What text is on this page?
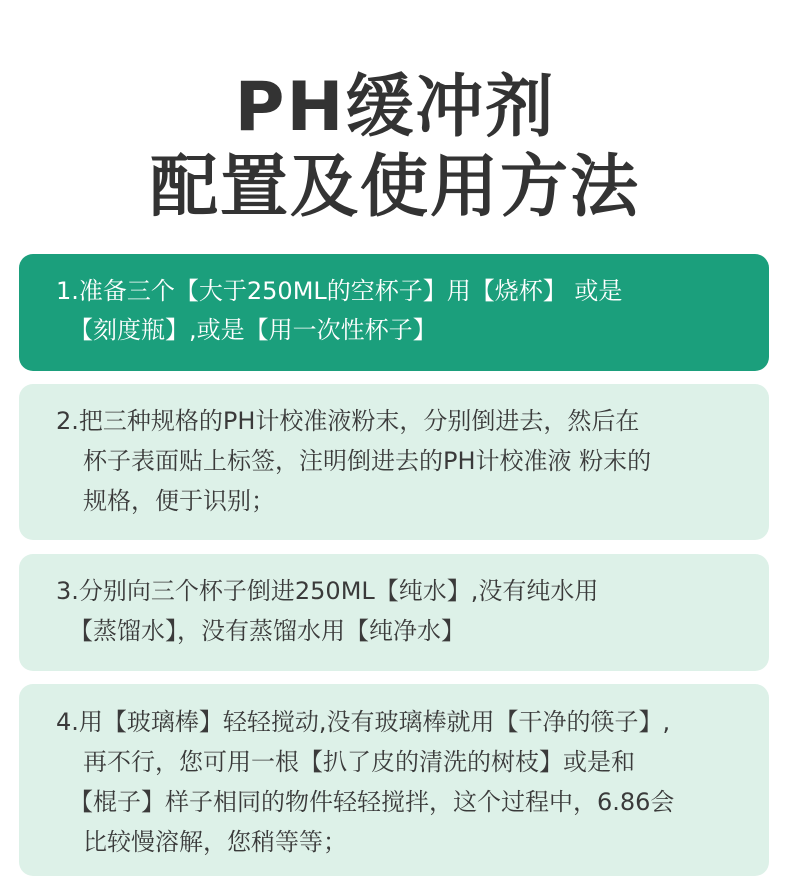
PH缓冲剂
配置及使用方法
1.准备三个【大于250ML的空杯子】用【烧杯】 或是
【刻度瓶】,或是【用一次性杯子】
2.把三种规格的PH计校准液粉末，分别倒进去，然后在
杯子表面贴上标签，注明倒进去的PH计校准液 粉末的
规格，便于识别；
3.分别向三个杯子倒进250ML【纯水】,没有纯水用
【蒸馏水】，没有蒸馏水用【纯净水】
4.用【玻璃棒】轻轻搅动,没有玻璃棒就用【干净的筷子】,
再不行，您可用一根【扒了皮的清洗的树枝】或是和
【棍子】样子相同的物件轻轻搅拌，这个过程中，6.86会
比较慢溶解，您稍等等；
